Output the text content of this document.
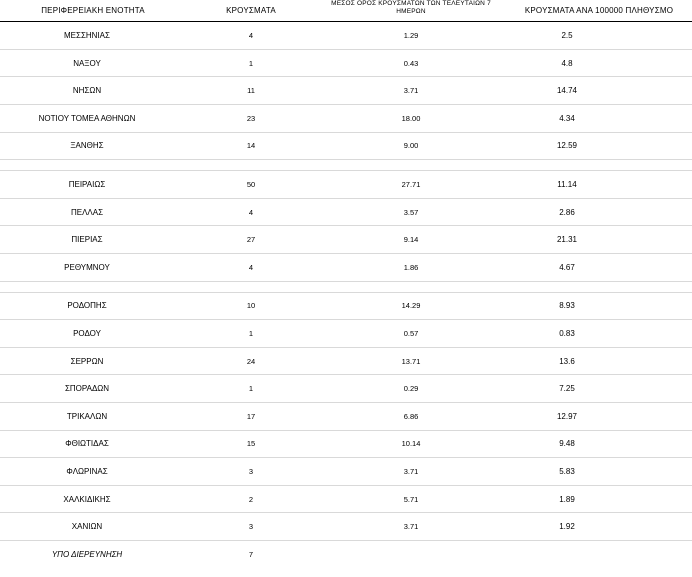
ΠΕΡΙΦΕΡΕΙΑΚΗ ΕΝΟΤΗΤΑ	ΚΡΟΥΣΜΑΤΑ	ΜΕΣΟΣ ΟΡΟΣ ΚΡΟΥΣΜΑΤΩΝ ΤΩΝ ΤΕΛΕΥΤΑΙΩΝ 7 ΗΜΕΡΩΝ	ΚΡΟΥΣΜΑΤΑ ΑΝΑ 100000 ΠΛΗΘΥΣΜΟ
ΜΕΣΣΗΝΙΑΣ	4	1.29	2.5
ΝΑΞΟΥ	1	0.43	4.8
ΝΗΣΩΝ	11	3.71	14.74
ΝΟΤΙΟΥ ΤΟΜΕΑ ΑΘΗΝΩΝ	23	18.00	4.34
ΞΑΝΘΗΣ	14	9.00	12.59

ΠΕΙΡΑΙΩΣ	50	27.71	11.14
ΠΕΛΛΑΣ	4	3.57	2.86
ΠΙΕΡΙΑΣ	27	9.14	21.31
ΡΕΘΥΜΝΟΥ	4	1.86	4.67

ΡΟΔΟΠΗΣ	10	14.29	8.93
ΡΟΔΟΥ	1	0.57	0.83
ΣΕΡΡΩΝ	24	13.71	13.6
ΣΠΟΡΑΔΩΝ	1	0.29	7.25
ΤΡΙΚΑΛΩΝ	17	6.86	12.97
ΦΘΙΩΤΙΔΑΣ	15	10.14	9.48
ΦΛΩΡΙΝΑΣ	3	3.71	5.83
ΧΑΛΚΙΔΙΚΗΣ	2	5.71	1.89
ΧΑΝΙΩΝ	3	3.71	1.92
ΥΠΟ ΔΙΕΡΕΥΝΗΣΗ	7		
